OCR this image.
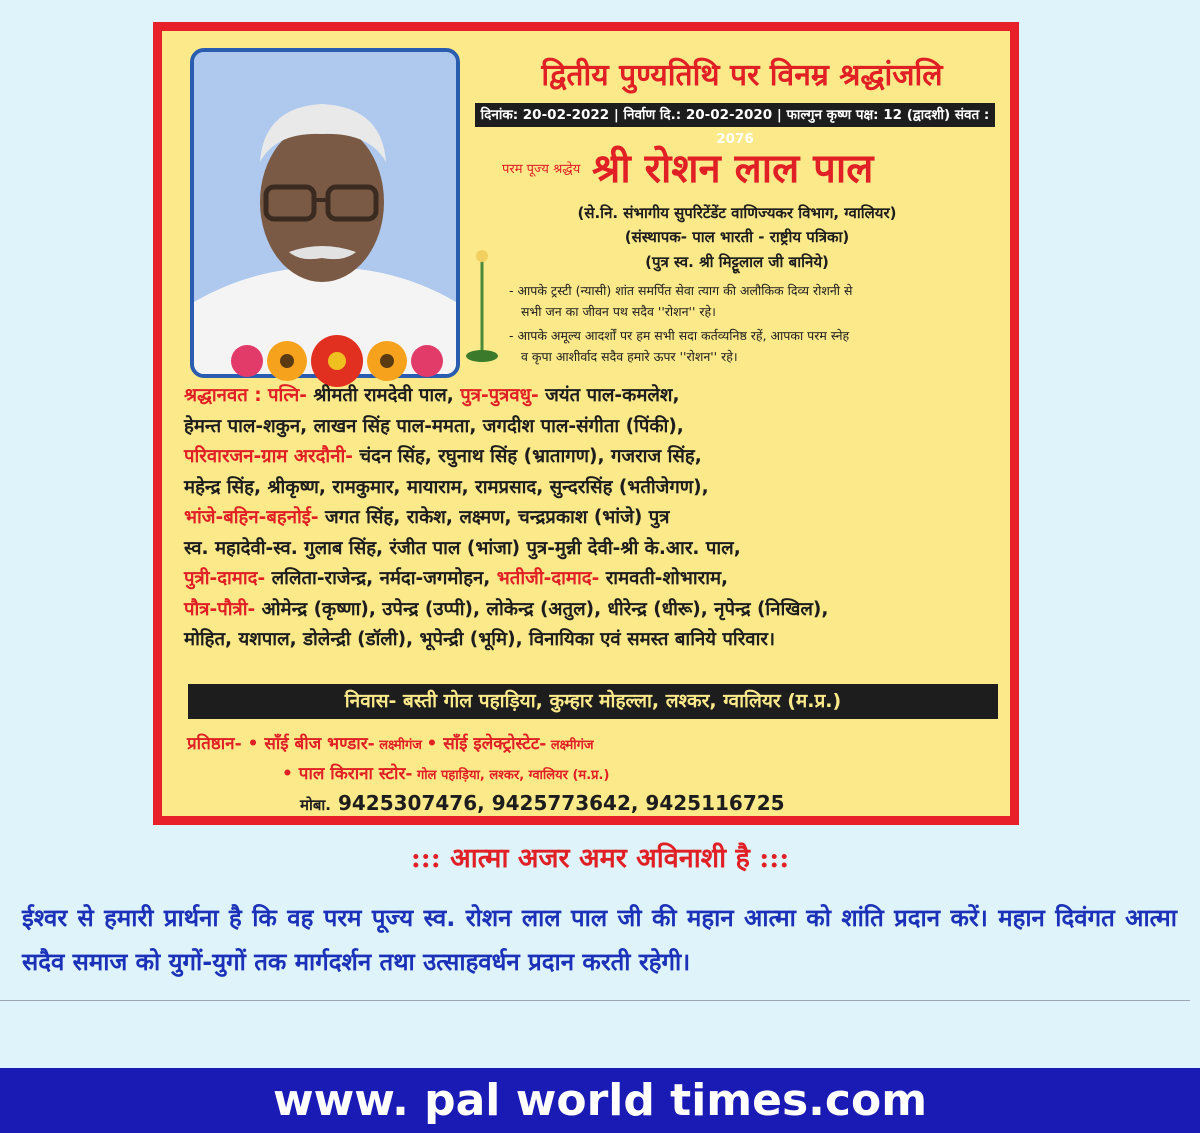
द्वितीय पुण्यतिथि पर विनम्र श्रद्धांजलि
दिनांक: 20-02-2022 | निर्वाण दि.: 20-02-2020 | फाल्गुन कृष्ण पक्ष: 12 (द्वादशी) संवत : 2076
परम पूज्य श्रद्धेय श्री रोशन लाल पाल
(से.नि. संभागीय सुपरिटेंडेंट वाणिज्यकर विभाग, ग्वालियर)
(संस्थापक- पाल भारती - राष्ट्रीय पत्रिका)
(पुत्र स्व. श्री मिट्टूलाल जी बानिये)
- आपके ट्रस्टी (न्यासी) शांत समर्पित सेवा त्याग की अलौकिक दिव्य रोशनी से
सभी जन का जीवन पथ सदैव ''रोशन'' रहे।
- आपके अमूल्य आदर्शों पर हम सभी सदा कर्तव्यनिष्ठ रहें, आपका परम स्नेह
व कृपा आशीर्वाद सदैव हमारे ऊपर ''रोशन'' रहे।
श्रद्धानवत : पत्नि- श्रीमती रामदेवी पाल, पुत्र-पुत्रवधु- जयंत पाल-कमलेश,
हेमन्त पाल-शकुन, लाखन सिंह पाल-ममता, जगदीश पाल-संगीता (पिंकी),
परिवारजन-ग्राम अरदौनी- चंदन सिंह, रघुनाथ सिंह (भ्रातागण), गजराज सिंह,
महेन्द्र सिंह, श्रीकृष्ण, रामकुमार, मायाराम, रामप्रसाद, सुन्दरसिंह (भतीजेगण),
भांजे-बहिन-बहनोई- जगत सिंह, राकेश, लक्ष्मण, चन्द्रप्रकाश (भांजे) पुत्र
स्व. महादेवी-स्व. गुलाब सिंह, रंजीत पाल (भांजा) पुत्र-मुन्नी देवी-श्री के.आर. पाल,
पुत्री-दामाद- ललिता-राजेन्द्र, नर्मदा-जगमोहन, भतीजी-दामाद- रामवती-शोभाराम,
पौत्र-पौत्री- ओमेन्द्र (कृष्णा), उपेन्द्र (उप्पी), लोकेन्द्र (अतुल), धीरेन्द्र (धीरू), नृपेन्द्र (निखिल),
मोहित, यशपाल, डोलेन्द्री (डॉली), भूपेन्द्री (भूमि), विनायिका एवं समस्त बानिये परिवार।
निवास- बस्ती गोल पहाड़िया, कुम्हार मोहल्ला, लश्कर, ग्वालियर (म.प्र.)
प्रतिष्ठान- • साँई बीज भण्डार- लक्ष्मीगंज • साँई इलेक्ट्रोस्टेट- लक्ष्मीगंज
• पाल किराना स्टोर- गोल पहाड़िया, लश्कर, ग्वालियर (म.प्र.)
मोबा. 9425307476, 9425773642, 9425116725
::: आत्मा अजर अमर अविनाशी है :::
ईश्वर से हमारी प्रार्थना है कि वह परम पूज्य स्व. रोशन लाल पाल जी की महान आत्मा को शांति प्रदान करें। महान दिवंगत आत्मा सदैव समाज को युगों-युगों तक मार्गदर्शन तथा उत्साहवर्धन प्रदान करती रहेगी।
www. pal world times.com
